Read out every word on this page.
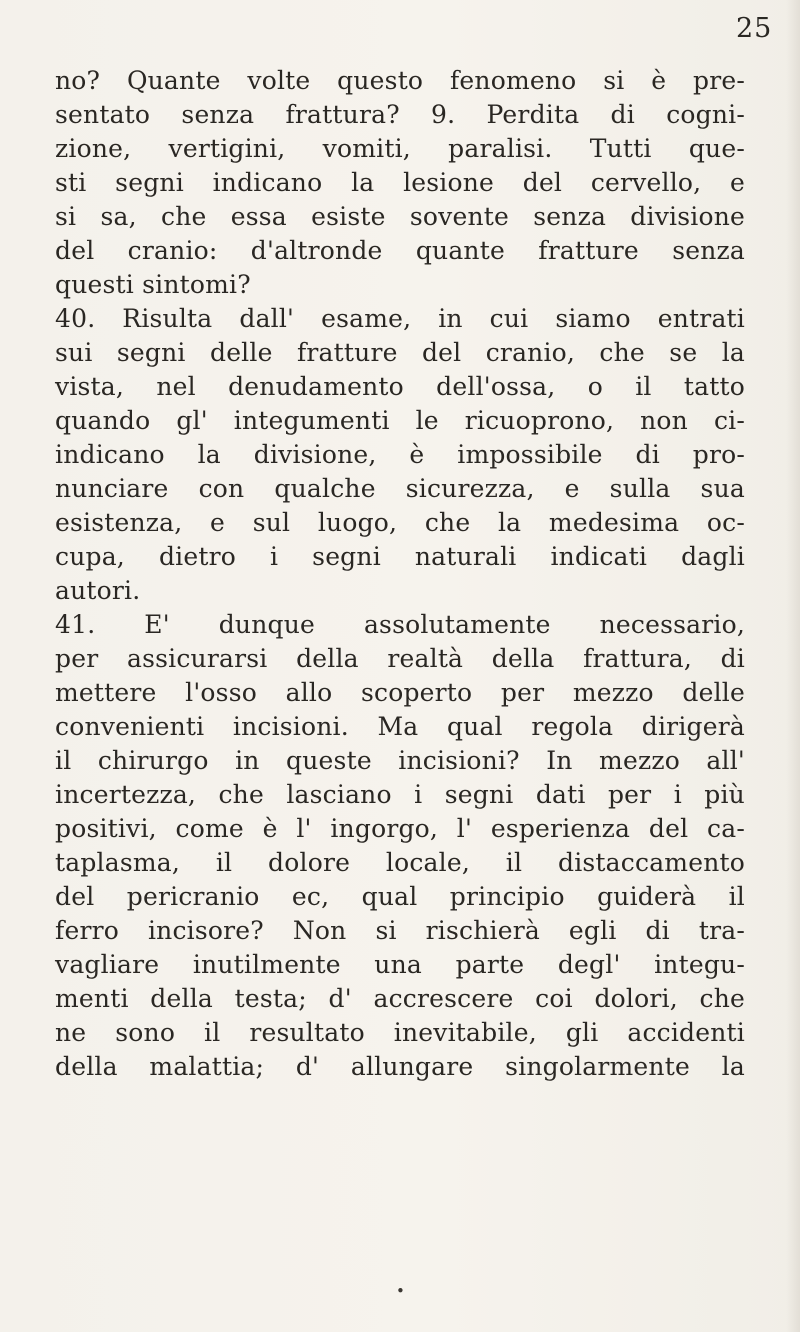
25

no? Quante volte questo fenomeno si è pre-

sentato senza frattura? 9. Perdita di cogni-

zione, vertigini, vomiti, paralisi. Tutti que-

sti segni indicano la lesione del cervello, e

si sa, che essa esiste sovente senza divisione

del cranio: d'altronde quante fratture senza

questi sintomi?

40. Risulta dall' esame, in cui siamo entrati

sui segni delle fratture del cranio, che se la

vista, nel denudamento dell'ossa, o il tatto

quando gl' integumenti le ricuoprono, non ci-

indicano la divisione, è impossibile di pro-

nunciare con qualche sicurezza, e sulla sua

esistenza, e sul luogo, che la medesima oc-

cupa, dietro i segni naturali indicati dagli

autori.

41. E' dunque assolutamente necessario,

per assicurarsi della realtà della frattura, di

mettere l'osso allo scoperto per mezzo delle

convenienti incisioni. Ma qual regola dirigerà

il chirurgo in queste incisioni? In mezzo all'

incertezza, che lasciano i segni dati per i più

positivi, come è l' ingorgo, l' esperienza del ca-

taplasma, il dolore locale, il distaccamento

del pericranio ec, qual principio guiderà il

ferro incisore? Non si rischierà egli di tra-

vagliare inutilmente una parte degl' integu-

menti della testa; d' accrescere coi dolori, che

ne sono il resultato inevitabile, gli accidenti

della malattia; d' allungare singolarmente la

•
